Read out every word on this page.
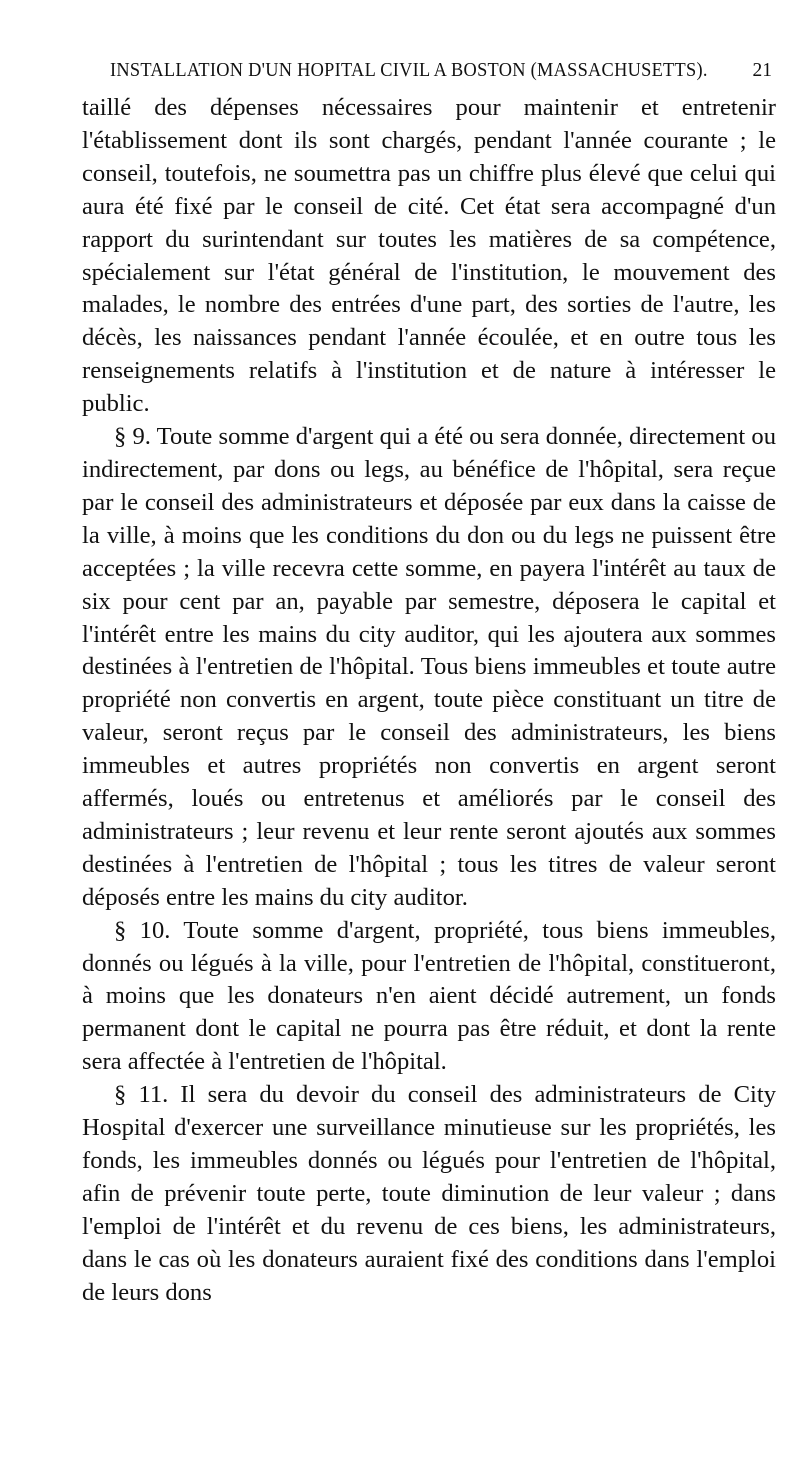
INSTALLATION D'UN HOPITAL CIVIL A BOSTON (MASSACHUSETTS). 21

taillé des dépenses nécessaires pour maintenir et entretenir l'établissement dont ils sont chargés, pendant l'année courante ; le conseil, toutefois, ne soumettra pas un chiffre plus élevé que celui qui aura été fixé par le conseil de cité. Cet état sera accompagné d'un rapport du surintendant sur toutes les matières de sa compétence, spécialement sur l'état général de l'institution, le mouvement des malades, le nombre des entrées d'une part, des sorties de l'autre, les décès, les naissances pendant l'année écoulée, et en outre tous les renseignements relatifs à l'institution et de nature à intéresser le public.

§ 9. Toute somme d'argent qui a été ou sera donnée, directement ou indirectement, par dons ou legs, au bénéfice de l'hôpital, sera reçue par le conseil des administrateurs et déposée par eux dans la caisse de la ville, à moins que les conditions du don ou du legs ne puissent être acceptées ; la ville recevra cette somme, en payera l'intérêt au taux de six pour cent par an, payable par semestre, déposera le capital et l'intérêt entre les mains du city auditor, qui les ajoutera aux sommes destinées à l'entretien de l'hôpital. Tous biens immeubles et toute autre propriété non convertis en argent, toute pièce constituant un titre de valeur, seront reçus par le conseil des administrateurs, les biens immeubles et autres propriétés non convertis en argent seront affermés, loués ou entretenus et améliorés par le conseil des administrateurs ; leur revenu et leur rente seront ajoutés aux sommes destinées à l'entretien de l'hôpital ; tous les titres de valeur seront déposés entre les mains du city auditor.

§ 10. Toute somme d'argent, propriété, tous biens immeubles, donnés ou légués à la ville, pour l'entretien de l'hôpital, constitueront, à moins que les donateurs n'en aient décidé autrement, un fonds permanent dont le capital ne pourra pas être réduit, et dont la rente sera affectée à l'entretien de l'hôpital.

§ 11. Il sera du devoir du conseil des administrateurs de City Hospital d'exercer une surveillance minutieuse sur les propriétés, les fonds, les immeubles donnés ou légués pour l'entretien de l'hôpital, afin de prévenir toute perte, toute diminution de leur valeur ; dans l'emploi de l'intérêt et du revenu de ces biens, les administrateurs, dans le cas où les donateurs auraient fixé des conditions dans l'emploi de leurs dons
